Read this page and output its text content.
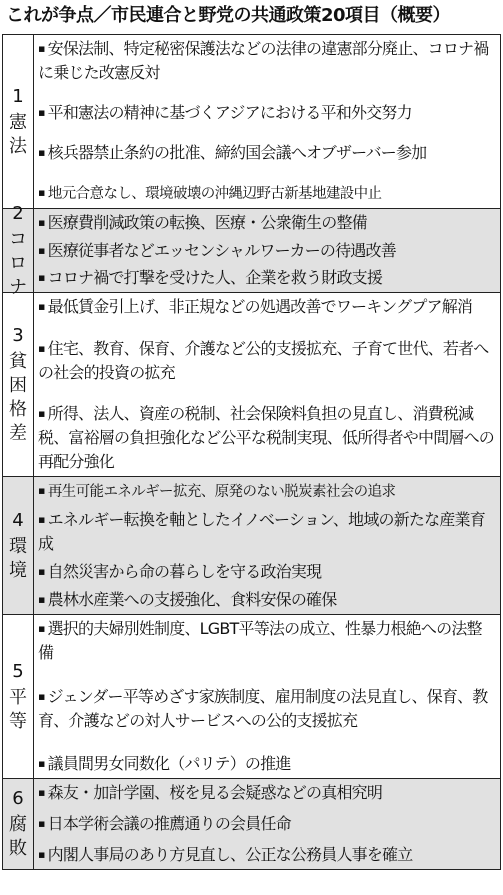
これが争点／市民連合と野党の共通政策20項目（概要）
1
憲
法
▪ 安保法制、特定秘密保護法などの法律の違憲部分廃止、コロナ禍に乗じた改憲反対
▪ 平和憲法の精神に基づくアジアにおける平和外交努力
▪ 核兵器禁止条約の批准、締約国会議へオブザーバー参加
▪ 地元合意なし、環境破壊の沖縄辺野古新基地建設中止
2
コ
ロ
ナ
▪ 医療費削減政策の転換、医療・公衆衛生の整備
▪ 医療従事者などエッセンシャルワーカーの待遇改善
▪ コロナ禍で打撃を受けた人、企業を救う財政支援
3
貧
困
格
差
▪ 最低賃金引上げ、非正規などの処遇改善でワーキングプア解消
▪ 住宅、教育、保育、介護など公的支援拡充、子育て世代、若者への社会的投資の拡充
▪ 所得、法人、資産の税制、社会保険料負担の見直し、消費税減税、富裕層の負担強化など公平な税制実現、低所得者や中間層への再配分強化
4
環
境
▪ 再生可能エネルギー拡充、原発のない脱炭素社会の追求
▪ エネルギー転換を軸としたイノベーション、地域の新たな産業育成
▪ 自然災害から命の暮らしを守る政治実現
▪ 農林水産業への支援強化、食料安保の確保
5
平
等
▪ 選択的夫婦別姓制度、LGBT平等法の成立、性暴力根絶への法整備
▪ ジェンダー平等めざす家族制度、雇用制度の法見直し、保育、教育、介護などの対人サービスへの公的支援拡充
▪ 議員間男女同数化（パリテ）の推進
6
腐
敗
▪ 森友・加計学園、桜を見る会疑惑などの真相究明
▪ 日本学術会議の推薦通りの会員任命
▪ 内閣人事局のあり方見直し、公正な公務員人事を確立
